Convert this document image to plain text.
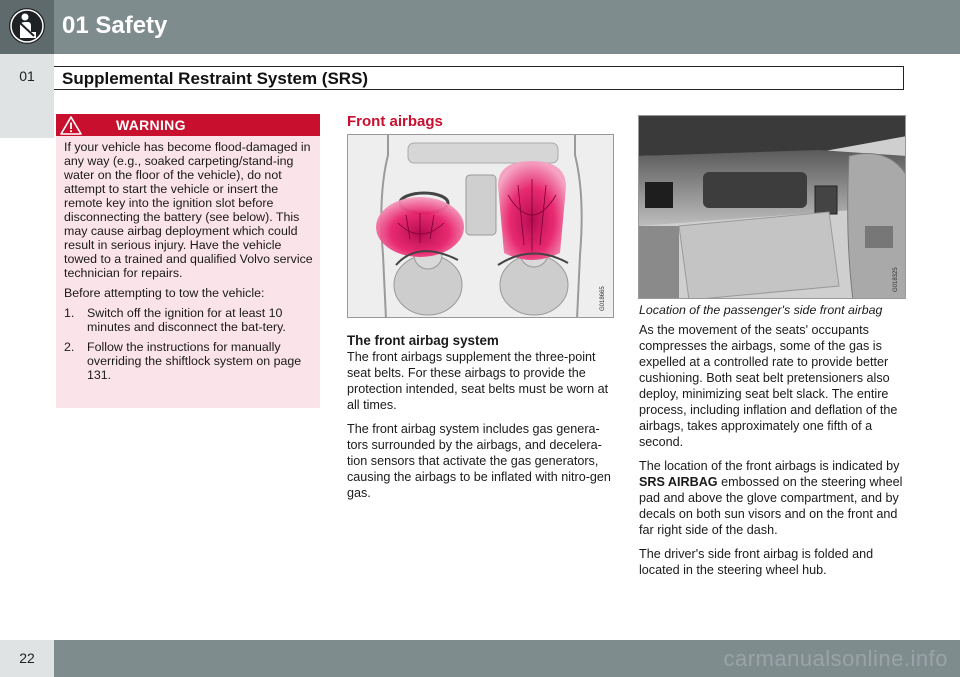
01 Safety
01	Supplemental Restraint System (SRS)
WARNING

If your vehicle has become flood-damaged in any way (e.g., soaked carpeting/stand-ing water on the floor of the vehicle), do not attempt to start the vehicle or insert the remote key into the ignition slot before disconnecting the battery (see below). This may cause airbag deployment which could result in serious injury. Have the vehicle towed to a trained and qualified Volvo service technician for repairs.

Before attempting to tow the vehicle:

1. Switch off the ignition for at least 10 minutes and disconnect the bat-tery.
2. Follow the instructions for manually overriding the shiftlock system on page 131.
Front airbags
G018665
The front airbag system

The front airbags supplement the three-point seat belts. For these airbags to provide the protection intended, seat belts must be worn at all times.

The front airbag system includes gas genera-tors surrounded by the airbags, and decelera-tion sensors that activate the gas generators, causing the airbags to be inflated with nitro-gen gas.

G018325
Location of the passenger's side front airbag

As the movement of the seats' occupants compresses the airbags, some of the gas is expelled at a controlled rate to provide better cushioning. Both seat belt pretensioners also deploy, minimizing seat belt slack. The entire process, including inflation and deflation of the airbags, takes approximately one fifth of a second.

The location of the front airbags is indicated by SRS AIRBAG embossed on the steering wheel pad and above the glove compartment, and by decals on both sun visors and on the front and far right side of the dash.

The driver's side front airbag is folded and located in the steering wheel hub.

22	carmanualsonline.info
